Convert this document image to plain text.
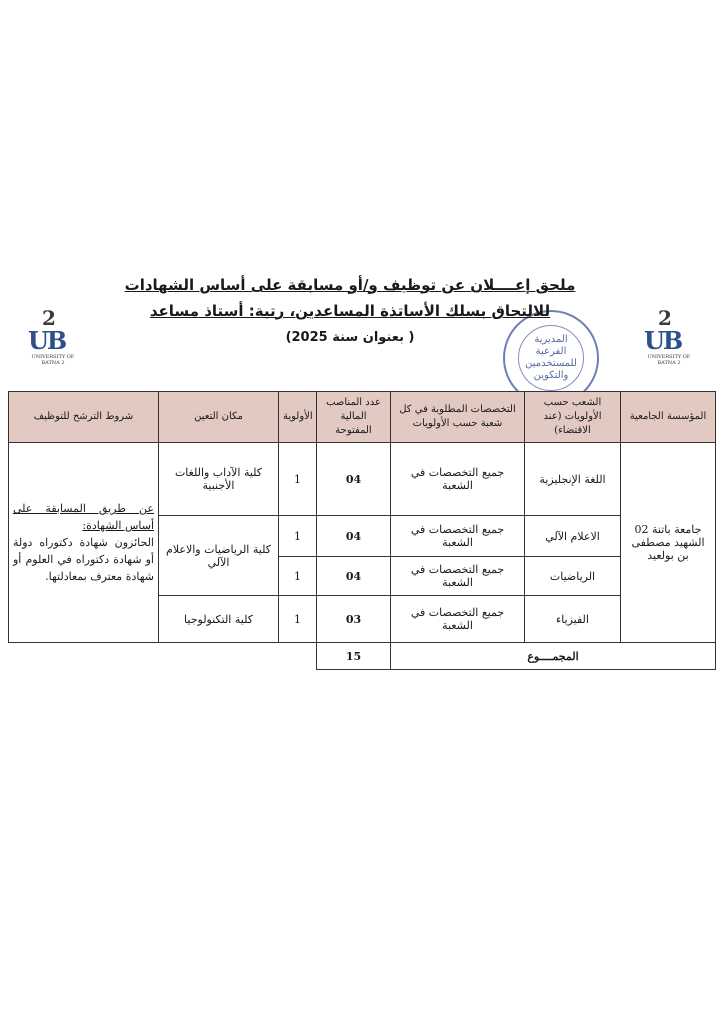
2
UB
UNIVERSITY OF BATNA 2
2
UB
UNIVERSITY OF BATNA 2
المديرية الفرعية للمستخدمين والتكوين
ملحق إعــــلان عن توظيف و/أو مسابقة على أساس الشهادات
للالتحاق بسلك الأساتذة المساعدين، رتبة: أستاذ مساعد
( بعنوان سنة 2025)
شروط الترشح للتوظيف	مكان التعين	الأولوية	عدد المناصب المالية المفتوحة	التخصصات المطلوبة في كل شعبة حسب الأولويات	الشعب حسب الأولويات (عند الاقتضاء)	المؤسسة الجامعية
عن طريق المسابقة على أساس الشهادة:
الحائزون شهادة دكتوراه دولة أو شهادة دكتوراه في العلوم أو شهادة معترف بمعادلتها.	كلية الآداب واللغات الأجنبية	1	04	جميع التخصصات في الشعبة	اللغة الإنجليزية	جامعة باتنة 02 الشهيد مصطفى بن بولعيد
	كلية الرياضيات والاعلام الآلي	1	04	جميع التخصصات في الشعبة	الاعلام الآلي	
		1	04	جميع التخصصات في الشعبة	الرياضيات	
	كلية التكنولوجيا	1	03	جميع التخصصات في الشعبة	الفيزياء	
			15	المجمــــوع		
